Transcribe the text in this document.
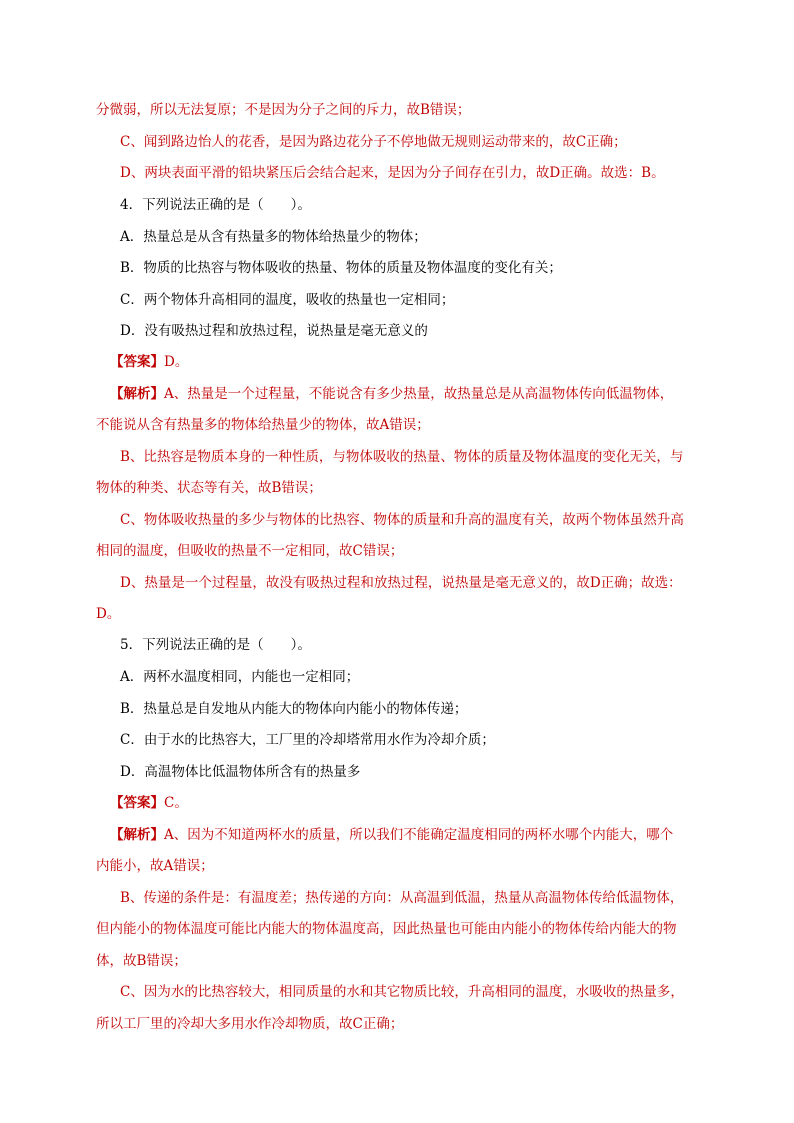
分微弱，所以无法复原；不是因为分子之间的斥力，故B错误；
C、闻到路边怡人的花香，是因为路边花分子不停地做无规则运动带来的，故C正确；
D、两块表面平滑的铅块紧压后会结合起来，是因为分子间存在引力，故D正确。故选：B。
4．下列说法正确的是（　　）。
A．热量总是从含有热量多的物体给热量少的物体；
B．物质的比热容与物体吸收的热量、物体的质量及物体温度的变化有关；
C．两个物体升高相同的温度，吸收的热量也一定相同；
D．没有吸热过程和放热过程，说热量是毫无意义的
【答案】D。
【解析】A、热量是一个过程量，不能说含有多少热量，故热量总是从高温物体传向低温物体，
不能说从含有热量多的物体给热量少的物体，故A错误；
B、比热容是物质本身的一种性质，与物体吸收的热量、物体的质量及物体温度的变化无关，与
物体的种类、状态等有关，故B错误；
C、物体吸收热量的多少与物体的比热容、物体的质量和升高的温度有关，故两个物体虽然升高
相同的温度，但吸收的热量不一定相同，故C错误；
D、热量是一个过程量，故没有吸热过程和放热过程，说热量是毫无意义的，故D正确；故选：
D。
5．下列说法正确的是（　　）。
A．两杯水温度相同，内能也一定相同；
B．热量总是自发地从内能大的物体向内能小的物体传递；
C．由于水的比热容大，工厂里的冷却塔常用水作为冷却介质；
D．高温物体比低温物体所含有的热量多
【答案】C。
【解析】A、因为不知道两杯水的质量，所以我们不能确定温度相同的两杯水哪个内能大，哪个
内能小，故A错误；
B、传递的条件是：有温度差；热传递的方向：从高温到低温，热量从高温物体传给低温物体，
但内能小的物体温度可能比内能大的物体温度高，因此热量也可能由内能小的物体传给内能大的物
体，故B错误；
C、因为水的比热容较大，相同质量的水和其它物质比较，升高相同的温度，水吸收的热量多，
所以工厂里的冷却大多用水作冷却物质，故C正确；
